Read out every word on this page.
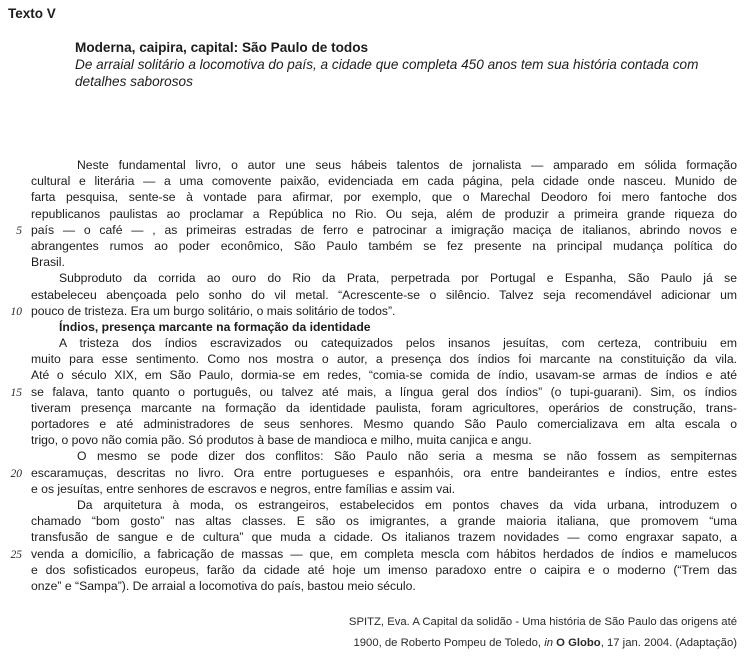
Texto V
Moderna, caipira, capital: São Paulo de todos
De arraial solitário a locomotiva do país, a cidade que completa 450 anos tem sua história contada com
detalhes saborosos
Neste fundamental livro, o autor une seus hábeis talentos de jornalista — amparado em sólida formação
cultural e literária — a uma comovente paixão, evidenciada em cada página, pela cidade onde nasceu. Munido de
farta pesquisa, sente-se à vontade para afirmar, por exemplo, que o Marechal Deodoro foi mero fantoche dos
republicanos paulistas ao proclamar a República no Rio. Ou seja, além de produzir a primeira grande riqueza do
5 país — o café — , as primeiras estradas de ferro e patrocinar a imigração maciça de italianos, abrindo novos e
abrangentes rumos ao poder econômico, São Paulo também se fez presente na principal mudança política do
Brasil.
Subproduto da corrida ao ouro do Rio da Prata, perpetrada por Portugal e Espanha, São Paulo já se
estabeleceu abençoada pelo sonho do vil metal. “Acrescente-se o silêncio. Talvez seja recomendável adicionar um
10 pouco de tristeza. Era um burgo solitário, o mais solitário de todos”.
Índios, presença marcante na formação da identidade
A tristeza dos índios escravizados ou catequizados pelos insanos jesuítas, com certeza, contribuiu em
muito para esse sentimento. Como nos mostra o autor, a presença dos índios foi marcante na constituição da vila.
Até o século XIX, em São Paulo, dormia-se em redes, “comia-se comida de índio, usavam-se armas de índios e até
15 se falava, tanto quanto o português, ou talvez até mais, a língua geral dos índios” (o tupi-guarani). Sim, os índios
tiveram presença marcante na formação da identidade paulista, foram agricultores, operários de construção, trans-
portadores e até administradores de seus senhores. Mesmo quando São Paulo comercializava em alta escala o
trigo, o povo não comia pão. Só produtos à base de mandioca e milho, muita canjica e angu.
O mesmo se pode dizer dos conflitos: São Paulo não seria a mesma se não fossem as sempiternas
20 escaramuças, descritas no livro. Ora entre portugueses e espanhóis, ora entre bandeirantes e índios, entre estes
e os jesuítas, entre senhores de escravos e negros, entre famílias e assim vai.
Da arquitetura à moda, os estrangeiros, estabelecidos em pontos chaves da vida urbana, introduzem o
chamado “bom gosto” nas altas classes. E são os imigrantes, a grande maioria italiana, que promovem “uma
transfusão de sangue e de cultura” que muda a cidade. Os italianos trazem novidades — como engraxar sapato, a
25 venda a domicílio, a fabricação de massas — que, em completa mescla com hábitos herdados de índios e mamelucos
e dos sofisticados europeus, farão da cidade até hoje um imenso paradoxo entre o caipira e o moderno (“Trem das
onze” e “Sampa”). De arraial a locomotiva do país, bastou meio século.
SPITZ, Eva. A Capital da solidão - Uma história de São Paulo das origens até
1900, de Roberto Pompeu de Toledo, in O Globo, 17 jan. 2004. (Adaptação)
